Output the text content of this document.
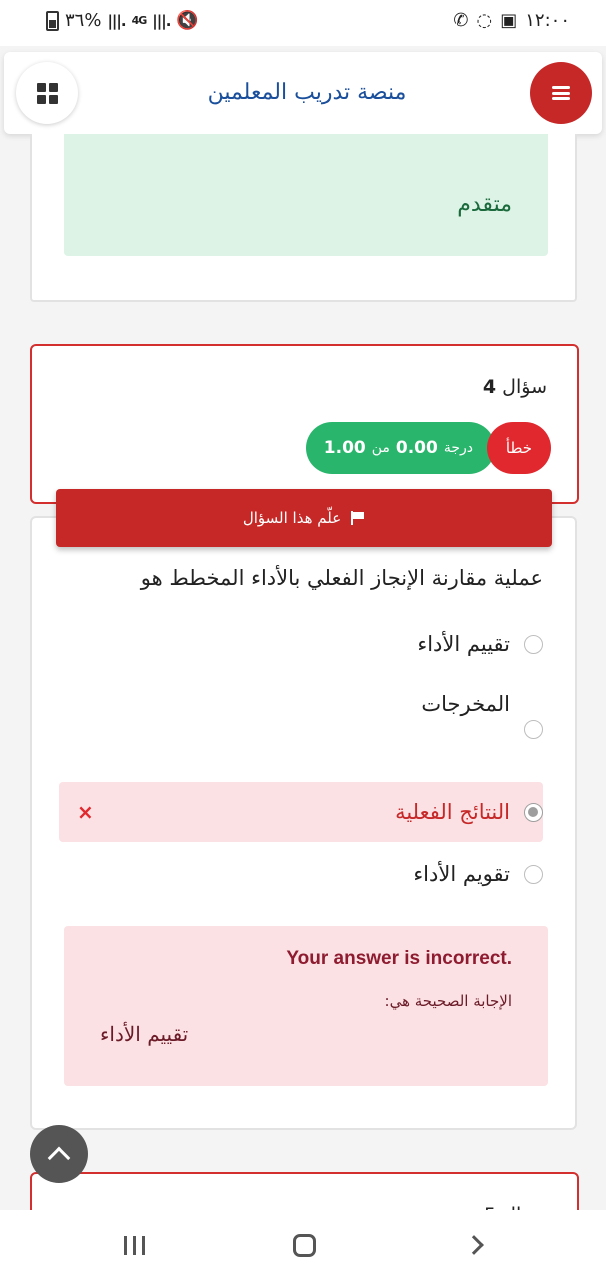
٣٦% |||. 4G |||. 🔇	✆ ◌ ▣ ١٢:٠٠
منصة تدريب المعلمين
متقدم
سؤال 4
خطأ
درجة
0.00
من
1.00
علّم هذا السؤال
عملية مقارنة الإنجاز الفعلي بالأداء المخطط هو
تقييم الأداء
المخرجات
النتائج الفعلية
×
تقويم الأداء
Your answer is incorrect.
الإجابة الصحيحة هي:
تقييم الأداء
